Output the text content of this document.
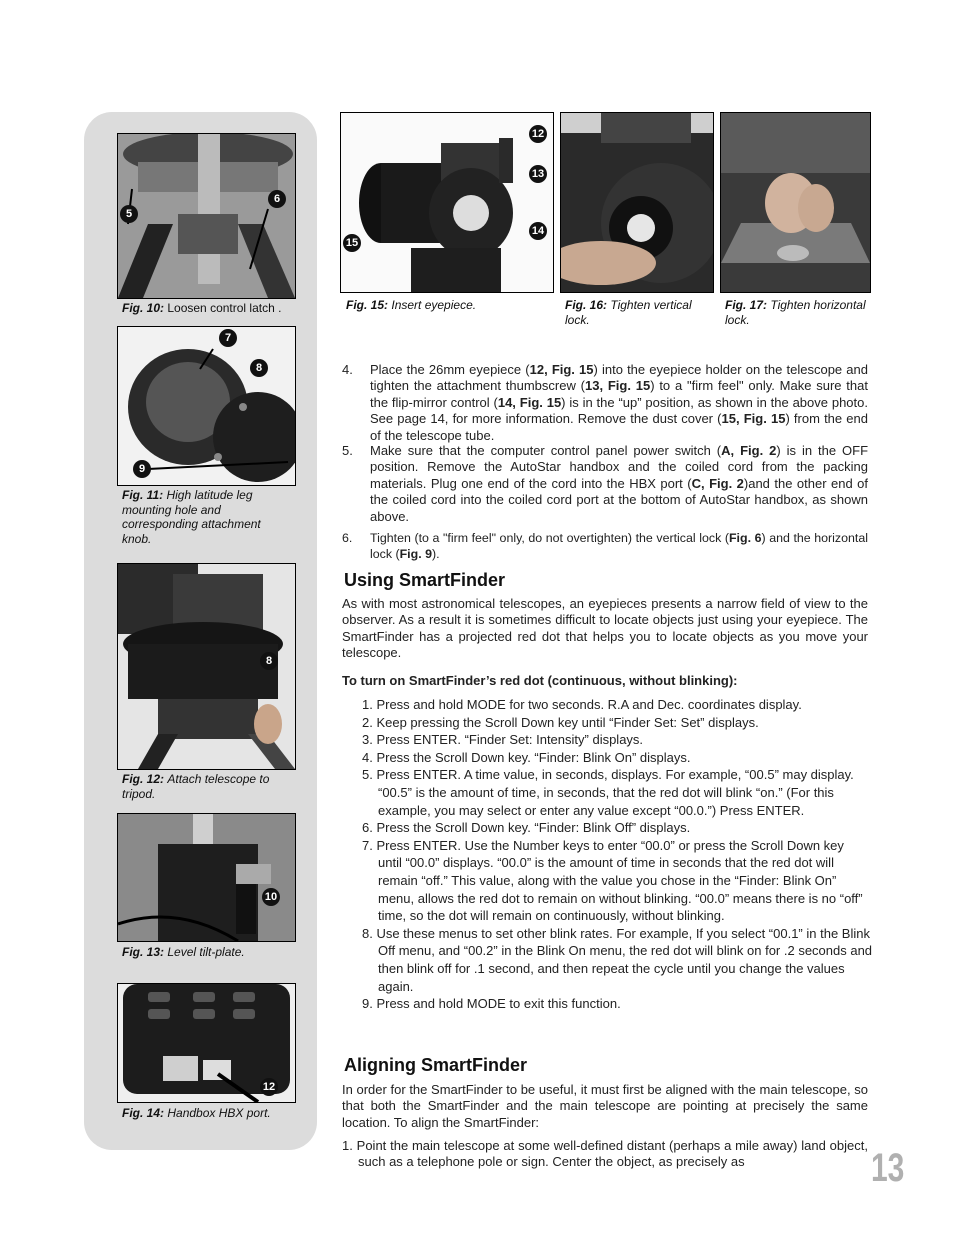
5
6
Fig. 10: Loosen control latch .
7
8
9
Fig. 11: High latitude leg mounting hole and corresponding attachment knob.
8
Fig. 12: Attach telescope to tripod.
10
Fig. 13: Level tilt-plate.
12
Fig. 14: Handbox HBX port.
12
13
14
15
Fig. 15: Insert eyepiece.	Fig. 16: Tighten vertical lock.
Fig. 17: Tighten horizontal lock.
4. Place the 26mm eyepiece (12, Fig. 15) into the eyepiece holder on the telescope and tighten the attachment thumbscrew (13, Fig. 15) to a "firm feel" only. Make sure that the flip-mirror control (14, Fig. 15) is in the “up” position, as shown in the above photo. See page 14, for more information. Remove the dust cover (15, Fig. 15) from the end of the telescope tube.
5. Make sure that the computer control panel power switch (A, Fig. 2) is in the OFF position. Remove the AutoStar handbox and the coiled cord from the packing materials. Plug one end of the cord into the HBX port (C, Fig. 2)and the other end of the coiled cord into the coiled cord port at the bottom of AutoStar handbox, as shown above.
6. Tighten (to a "firm feel" only, do not overtighten) the vertical lock (Fig. 6) and the horizontal lock (Fig. 9).
Using SmartFinder
As with most astronomical telescopes, an eyepieces presents a narrow field of view to the observer. As a result it is sometimes difficult to locate objects just using your eyepiece. The SmartFinder has a projected red dot that helps you to locate objects as you move your telescope.
To turn on SmartFinder’s red dot (continuous, without blinking):
1. Press and hold MODE for two seconds. R.A and Dec. coordinates display.
2. Keep pressing the Scroll Down key until “Finder Set: Set” displays.
3. Press ENTER. “Finder Set: Intensity” displays.
4. Press the Scroll Down key. “Finder: Blink On” displays.
5. Press ENTER. A time value, in seconds, displays. For example, “00.5” may display. “00.5” is the amount of time, in seconds, that the red dot will blink “on.” (For this example, you may select or enter any value except “00.0.”) Press ENTER.
6. Press the Scroll Down key. “Finder: Blink Off” displays.
7. Press ENTER. Use the Number keys to enter “00.0” or press the Scroll Down key until “00.0” displays. “00.0” is the amount of time in seconds that the red dot will remain “off.” This value, along with the value you chose in the “Finder: Blink On” menu, allows the red dot to remain on without blinking. “00.0” means there is no “off” time, so the dot will remain on continuously, without blinking.
8. Use these menus to set other blink rates. For example, If you select “00.1” in the Blink Off menu, and “00.2” in the Blink On menu, the red dot will blink on for .2 seconds and then blink off for .1 second, and then repeat the cycle until you change the values again.
9. Press and hold MODE to exit this function.
Aligning SmartFinder
In order for the SmartFinder to be useful, it must first be aligned with the main telescope, so that both the SmartFinder and the main telescope are pointing at precisely the same location. To align the SmartFinder:
1. Point the main telescope at some well-defined distant (perhaps a mile away) land object, such as a telephone pole or sign. Center the object, as precisely as	13
